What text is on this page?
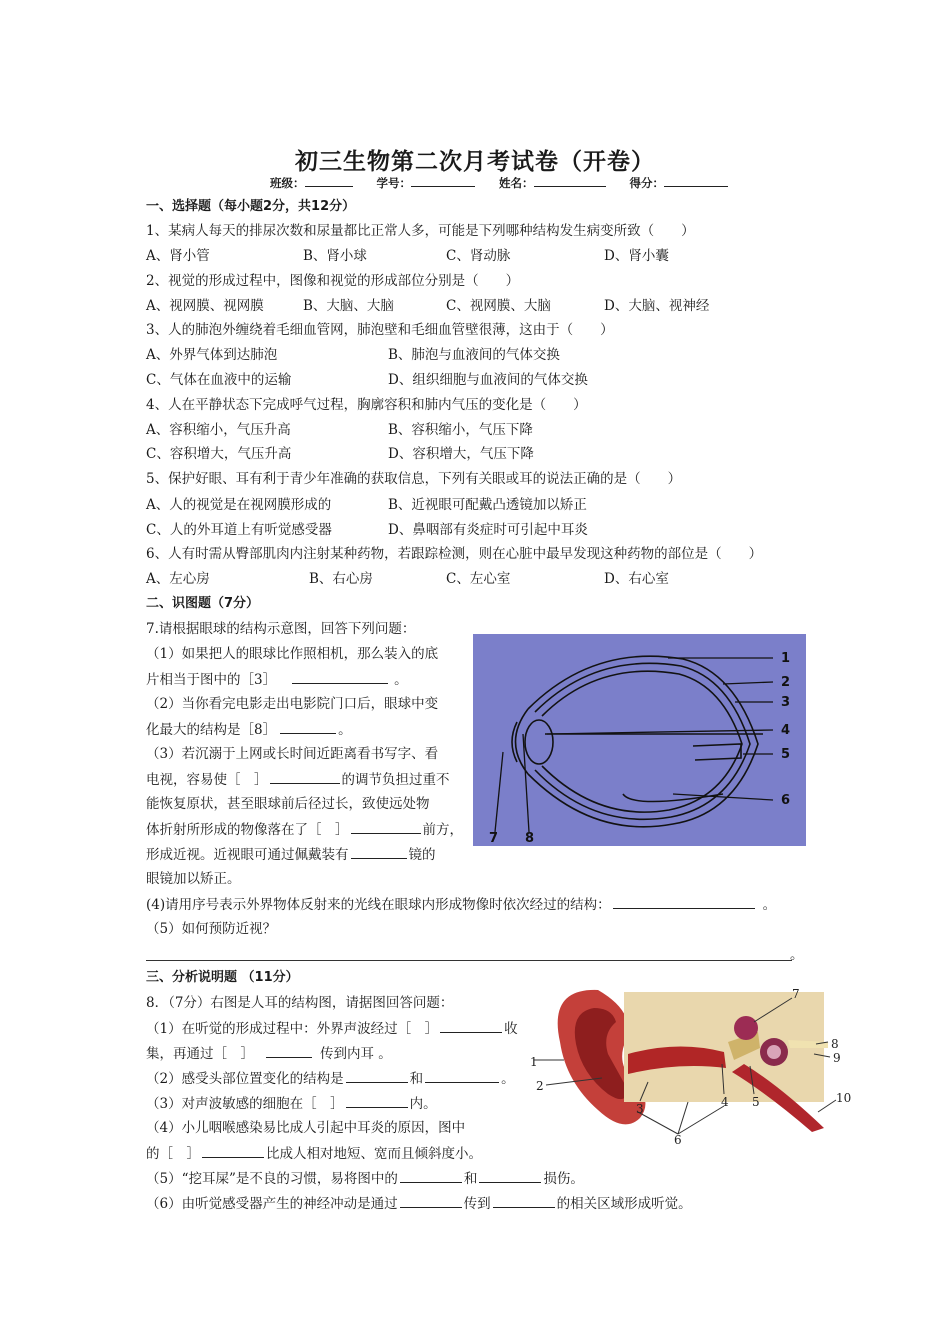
初三生物第二次月考试卷（开卷）
班级：	学号：	姓名：	得分：
一、选择题（每小题2分，共12分）
1、某病人每天的排尿次数和尿量都比正常人多，可能是下列哪种结构发生病变所致（　　）
A、肾小管	B、肾小球	C、肾动脉	D、肾小囊
2、视觉的形成过程中，图像和视觉的形成部位分别是（　　）
A、视网膜、视网膜	B、大脑、大脑	C、视网膜、大脑	D、大脑、视神经
3、人的肺泡外缠绕着毛细血管网，肺泡壁和毛细血管壁很薄，这由于（　　）
A、外界气体到达肺泡	B、肺泡与血液间的气体交换
C、气体在血液中的运输	D、组织细胞与血液间的气体交换
4、人在平静状态下完成呼气过程，胸廓容积和肺内气压的变化是（　　）
A、容积缩小，气压升高	B、容积缩小，气压下降
C、容积增大，气压升高	D、容积增大，气压下降
5、保护好眼、耳有利于青少年准确的获取信息，下列有关眼或耳的说法正确的是（　　）
A、人的视觉是在视网膜形成的	B、近视眼可配戴凸透镜加以矫正
C、人的外耳道上有听觉感受器	D、鼻咽部有炎症时可引起中耳炎
6、人有时需从臀部肌肉内注射某种药物，若跟踪检测，则在心脏中最早发现这种药物的部位是（　　）
A、左心房	B、右心房	C、左心室	D、右心室
二、识图题（7分）
7.请根据眼球的结构示意图，回答下列问题：
（1）如果把人的眼球比作照相机，那么装入的底
片相当于图中的［3］	。
（2）当你看完电影走出电影院门口后，眼球中变
化最大的结构是［8］	。
（3）若沉溺于上网或长时间近距离看书写字、看
电视，容易使［　］	的调节负担过重不
能恢复原状，甚至眼球前后径过长，致使远处物
体折射所形成的物像落在了［　］	前方，
形成近视。近视眼可通过佩戴装有	镜的
眼镜加以矫正。
(4)请用序号表示外界物体反射来的光线在眼球内形成物像时依次经过的结构：	。
（5）如何预防近视？
。
1
2
3
4
5
6
7 8
三、分析说明题 （11分）
8．（7分）右图是人耳的结构图，请据图回答问题：
（1）在听觉的形成过程中：外界声波经过［　］	收
集，再通过［　］	传到内耳 。
（2）感受头部位置变化的结构是	和	。
（3）对声波敏感的细胞在［　］	内。
（4）小儿咽喉感染易比成人引起中耳炎的原因，图中
的［　］	比成人相对地短、宽而且倾斜度小。
（5）“挖耳屎”是不良的习惯，易将图中的	和	损伤。
（6）由听觉感受器产生的神经冲动是通过	传到	的相关区域形成听觉。
1
2
3	4 5
6
7
8
9
10
